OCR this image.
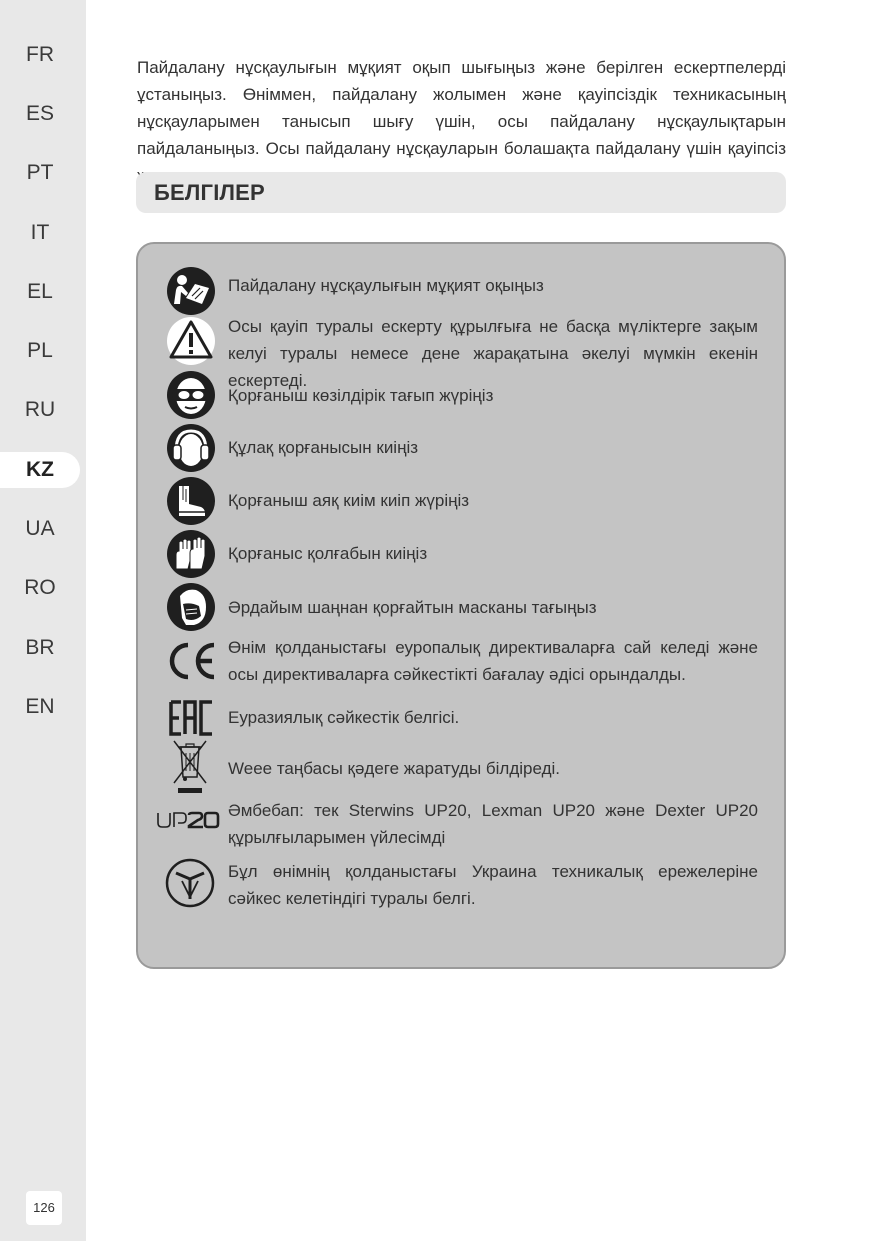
FR
ES
PT
IT
EL
PL
RU
KZ
UA
RO
BR
EN
126
Пайдалану нұсқаулығын мұқият оқып шығыңыз және берілген ескертпелерді ұстаныңыз. Өніммен, пайдалану жолымен және қауіпсіздік техникасының нұсқауларымен танысып шығу үшін, осы пайдалану нұсқаулықтарын пайдаланыңыз. Осы пайдалану нұсқауларын болашақта пайдалану үшін қауіпсіз
БЕЛГІЛЕР
Пайдалану нұсқаулығын мұқият оқыңыз
Осы қауіп туралы ескерту құрылғыға не басқа мүліктерге зақым келуі туралы немесе дене жарақатына әкелуі мүмкін екенін ескертеді.
Қорғаныш көзілдірік тағып жүріңіз
Құлақ қорғанысын киіңіз
Қорғаныш аяқ киім киіп жүріңіз
Қорғаныс қолғабын киіңіз
Әрдайым шаңнан қорғайтын масканы тағыңыз
Өнім қолданыстағы еуропалық директиваларға сай келеді және осы директиваларға сәйкестікті бағалау әдісі орындалды.
Еуразиялық сәйкестік белгісі.
Weee таңбасы қәдеге жаратуды білдіреді.
Әмбебап: тек Sterwins UP20, Lexman UP20 және Dexter UP20 құрылғыларымен үйлесімді
Бұл өнімнің қолданыстағы Украина техникалық ережелеріне сәйкес келетіндігі туралы белгі.
